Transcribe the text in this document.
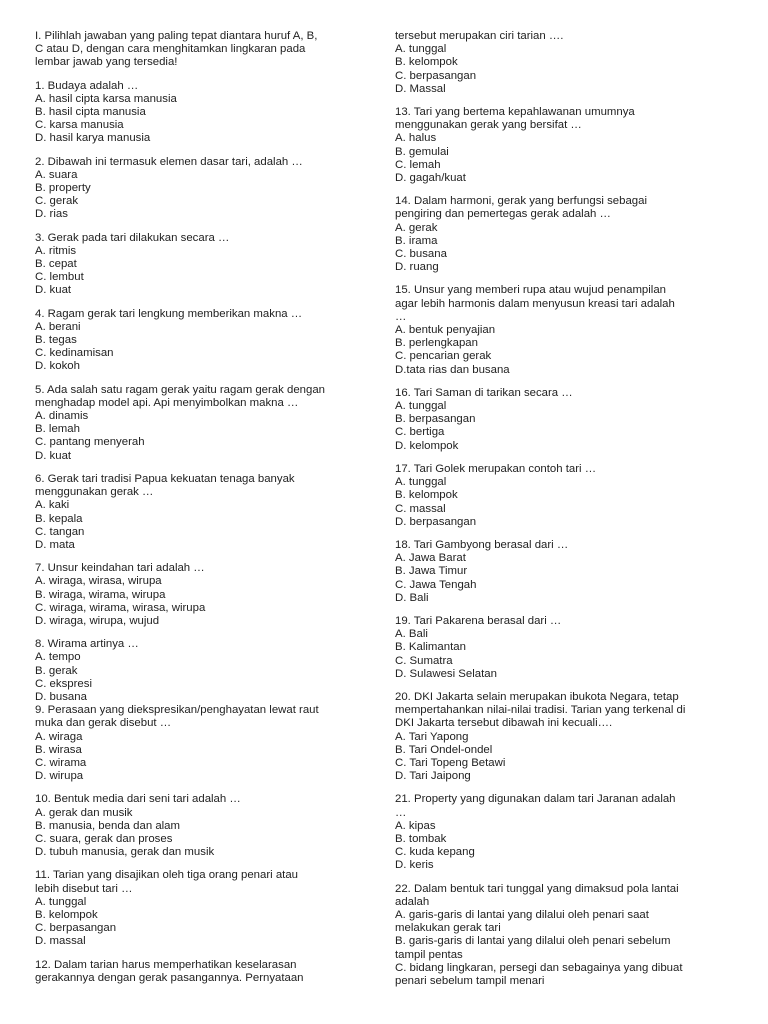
I. Pilihlah jawaban yang paling tepat diantara huruf A, B,
C atau D, dengan cara menghitamkan lingkaran pada
lembar jawab yang tersedia!
1. Budaya adalah …
A. hasil cipta karsa manusia
B. hasil cipta manusia
C. karsa manusia
D. hasil karya manusia
2. Dibawah ini termasuk elemen dasar tari, adalah …
A. suara
B. property
C. gerak
D. rias
3. Gerak pada tari dilakukan secara …
A. ritmis
B. cepat
C. lembut
D. kuat
4. Ragam gerak tari lengkung memberikan makna …
A. berani
B. tegas
C. kedinamisan
D. kokoh
5. Ada salah satu ragam gerak yaitu ragam gerak dengan
menghadap model api. Api menyimbolkan makna …
A. dinamis
B. lemah
C. pantang menyerah
D. kuat
6. Gerak tari tradisi Papua kekuatan tenaga banyak
menggunakan gerak …
A. kaki
B. kepala
C. tangan
D. mata
7. Unsur keindahan tari adalah …
A. wiraga, wirasa, wirupa
B. wiraga, wirama, wirupa
C. wiraga, wirama, wirasa, wirupa
D. wiraga, wirupa, wujud
8. Wirama artinya …
A. tempo
B. gerak
C. ekspresi
D. busana
9. Perasaan yang diekspresikan/penghayatan lewat raut
muka dan gerak disebut …
A. wiraga
B. wirasa
C. wirama
D. wirupa
10. Bentuk media dari seni tari adalah …
A. gerak dan musik
B. manusia, benda dan alam
C. suara, gerak dan proses
D. tubuh manusia, gerak dan musik
11. Tarian yang disajikan oleh tiga orang penari atau
lebih disebut tari …
A. tunggal
B. kelompok
C. berpasangan
D. massal
12. Dalam tarian harus memperhatikan keselarasan
gerakannya dengan gerak pasangannya. Pernyataan
tersebut merupakan ciri tarian ….
A. tunggal
B. kelompok
C. berpasangan
D. Massal
13. Tari yang bertema kepahlawanan umumnya
menggunakan gerak yang bersifat …
A. halus
B. gemulai
C. lemah
D. gagah/kuat
14. Dalam harmoni, gerak yang berfungsi sebagai
pengiring dan pemertegas gerak adalah …
A. gerak
B. irama
C. busana
D. ruang
15. Unsur yang memberi rupa atau wujud penampilan
agar lebih harmonis dalam menyusun kreasi tari adalah
…
A. bentuk penyajian
B. perlengkapan
C. pencarian gerak
D.tata rias dan busana
16. Tari Saman di tarikan secara …
A. tunggal
B. berpasangan
C. bertiga
D. kelompok
17. Tari Golek merupakan contoh tari …
A. tunggal
B. kelompok
C. massal
D. berpasangan
18. Tari Gambyong berasal dari …
A. Jawa Barat
B. Jawa Timur
C. Jawa Tengah
D. Bali
19. Tari Pakarena berasal dari …
A. Bali
B. Kalimantan
C. Sumatra
D. Sulawesi Selatan
20. DKI Jakarta selain merupakan ibukota Negara, tetap
mempertahankan nilai-nilai tradisi. Tarian yang terkenal di
DKI Jakarta tersebut dibawah ini kecuali….
A. Tari Yapong
B. Tari Ondel-ondel
C. Tari Topeng Betawi
D. Tari Jaipong
21. Property yang digunakan dalam tari Jaranan adalah
…
A. kipas
B. tombak
C. kuda kepang
D. keris
22. Dalam bentuk tari tunggal yang dimaksud pola lantai
adalah
A. garis-garis di lantai yang dilalui oleh penari saat
melakukan gerak tari
B. garis-garis di lantai yang dilalui oleh penari sebelum
tampil pentas
C. bidang lingkaran, persegi dan sebagainya yang dibuat
penari sebelum tampil menari
